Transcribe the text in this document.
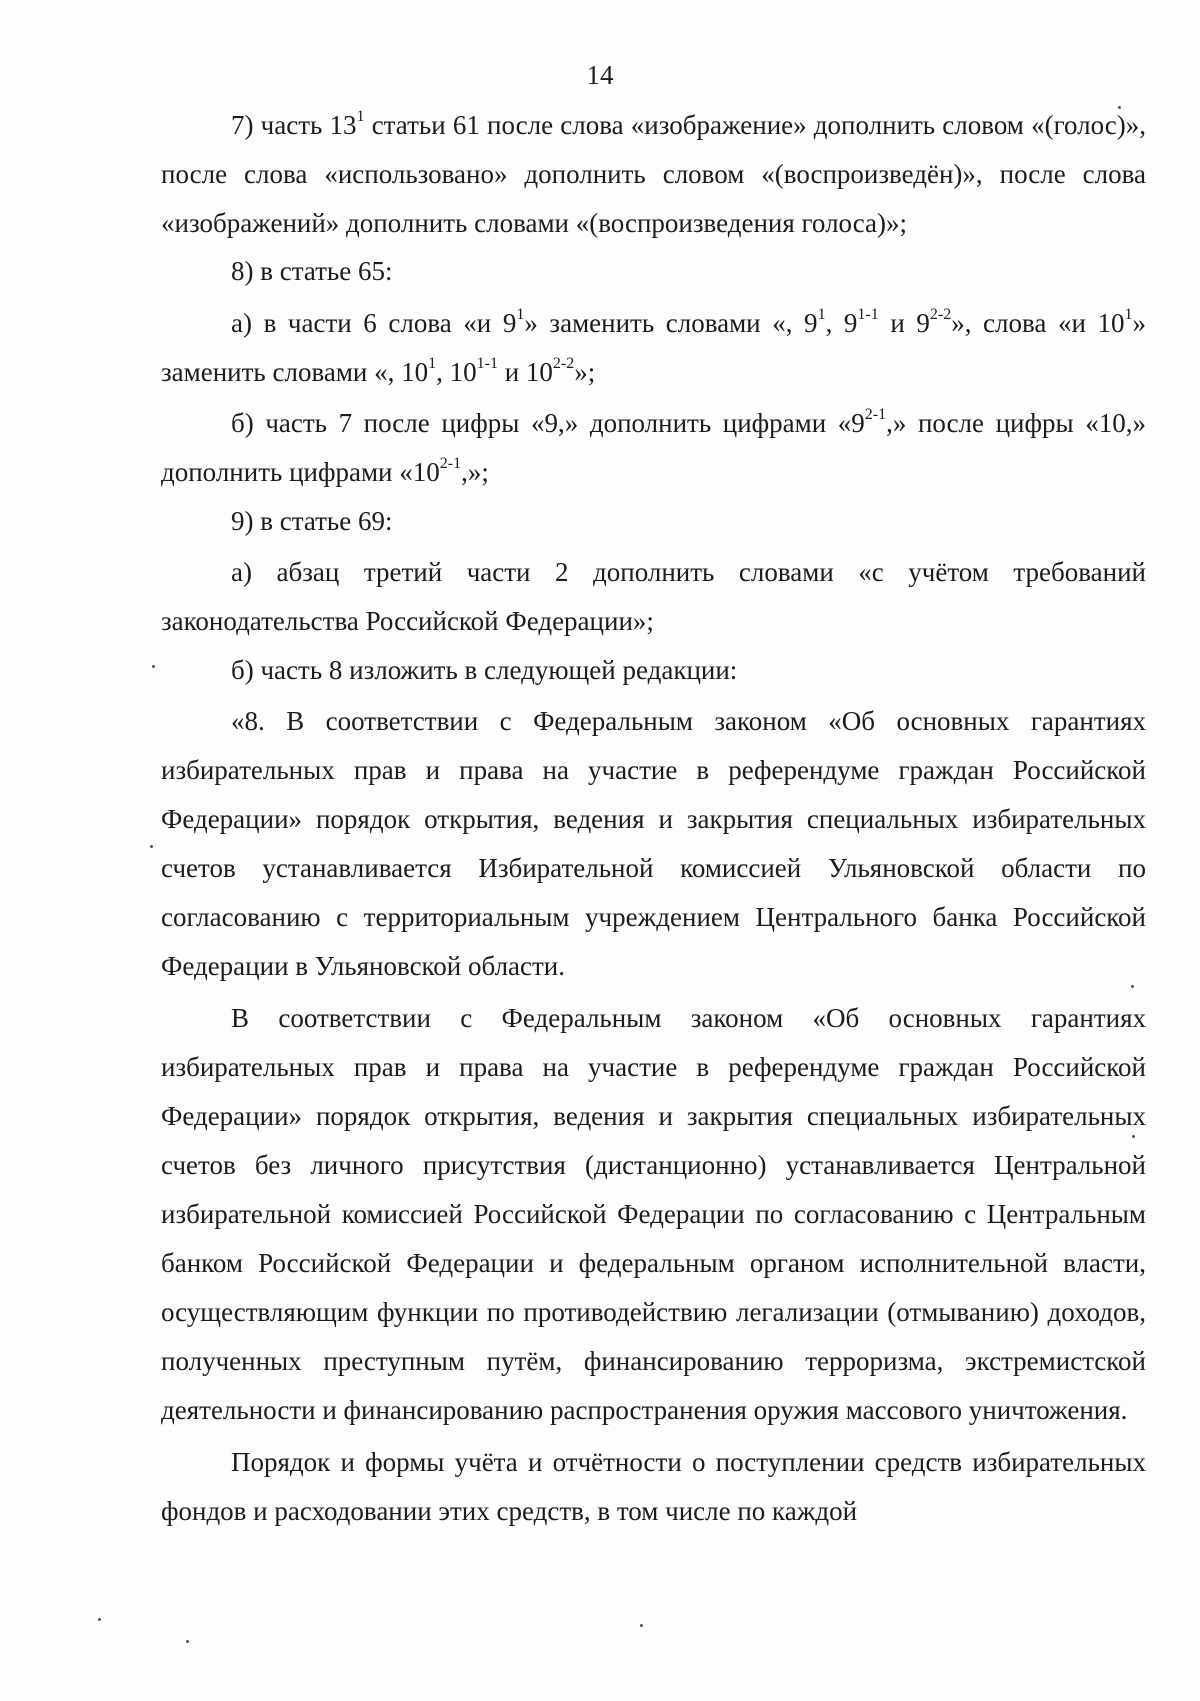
14

7) часть $13^1$ статьи 61 после слова «изображение» дополнить словом «(голос)», после слова «использовано» дополнить словом «(воспроизведён)», после слова «изображений» дополнить словами «(воспроизведения голоса)»;

8) в статье 65:

а) в части 6 слова «и $9^1$» заменить словами «, $9^1$, 9$^{1-1}$ и 9$^{2-2}$», слова «и $10^1$» заменить словами «, $10^1$, 10$^{1-1}$ и 10$^{2-2}$»;

б) часть 7 после цифры «9,» дополнить цифрами «9$^{2-1}$,» после цифры «10,» дополнить цифрами «10$^{2-1}$,»;

9) в статье 69:

а) абзац третий части 2 дополнить словами «с учётом требований законодательства Российской Федерации»;

б) часть 8 изложить в следующей редакции:

«8. В соответствии с Федеральным законом «Об основных гарантиях избирательных прав и права на участие в референдуме граждан Российской Федерации» порядок открытия, ведения и закрытия специальных избирательных счетов устанавливается Избирательной комиссией Ульяновской области по согласованию с территориальным учреждением Центрального банка Российской Федерации в Ульяновской области.

В соответствии с Федеральным законом «Об основных гарантиях избирательных прав и права на участие в референдуме граждан Российской Федерации» порядок открытия, ведения и закрытия специальных избирательных счетов без личного присутствия (дистанционно) устанавливается Центральной избирательной комиссией Российской Федерации по согласованию с Центральным банком Российской Федерации и федеральным органом исполнительной власти, осуществляющим функции по противодействию легализации (отмыванию) доходов, полученных преступным путём, финансированию терроризма, экстремистской деятельности и финансированию распространения оружия массового уничтожения.

Порядок и формы учёта и отчётности о поступлении средств избирательных фондов и расходовании этих средств, в том числе по каждой
